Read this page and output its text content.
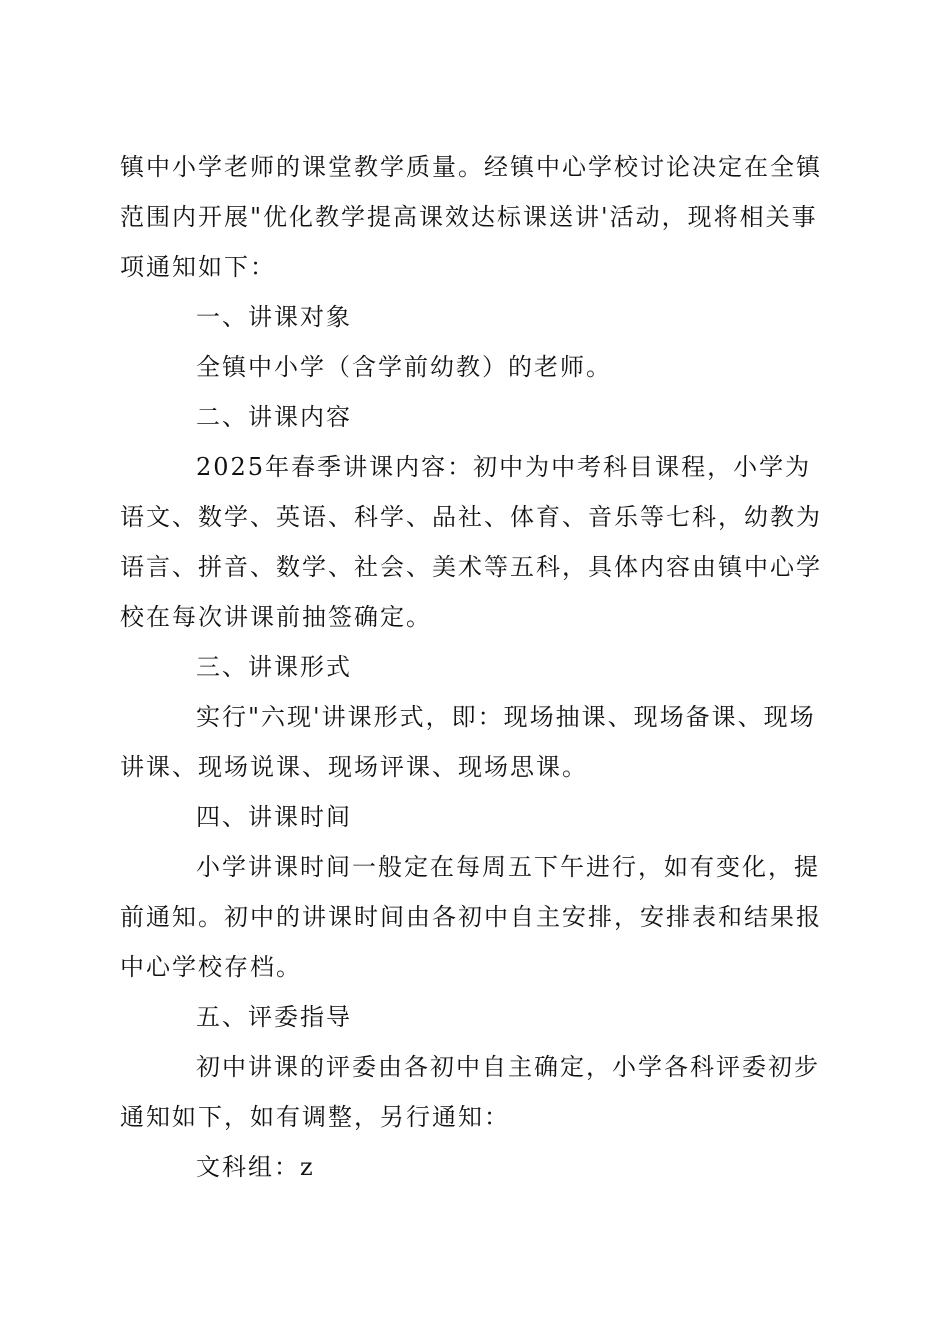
镇中小学老师的课堂教学质量。经镇中心学校讨论决定在全镇范围内开展"优化教学提高课效达标课送讲'活动，现将相关事项通知如下：

一、讲课对象

全镇中小学（含学前幼教）的老师。

二、讲课内容

2025年春季讲课内容：初中为中考科目课程，小学为语文、数学、英语、科学、品社、体育、音乐等七科，幼教为语言、拼音、数学、社会、美术等五科，具体内容由镇中心学校在每次讲课前抽签确定。

三、讲课形式

实行"六现'讲课形式，即：现场抽课、现场备课、现场讲课、现场说课、现场评课、现场思课。

四、讲课时间

小学讲课时间一般定在每周五下午进行，如有变化，提前通知。初中的讲课时间由各初中自主安排，安排表和结果报中心学校存档。

五、评委指导

初中讲课的评委由各初中自主确定，小学各科评委初步通知如下，如有调整，另行通知：

文科组：z
